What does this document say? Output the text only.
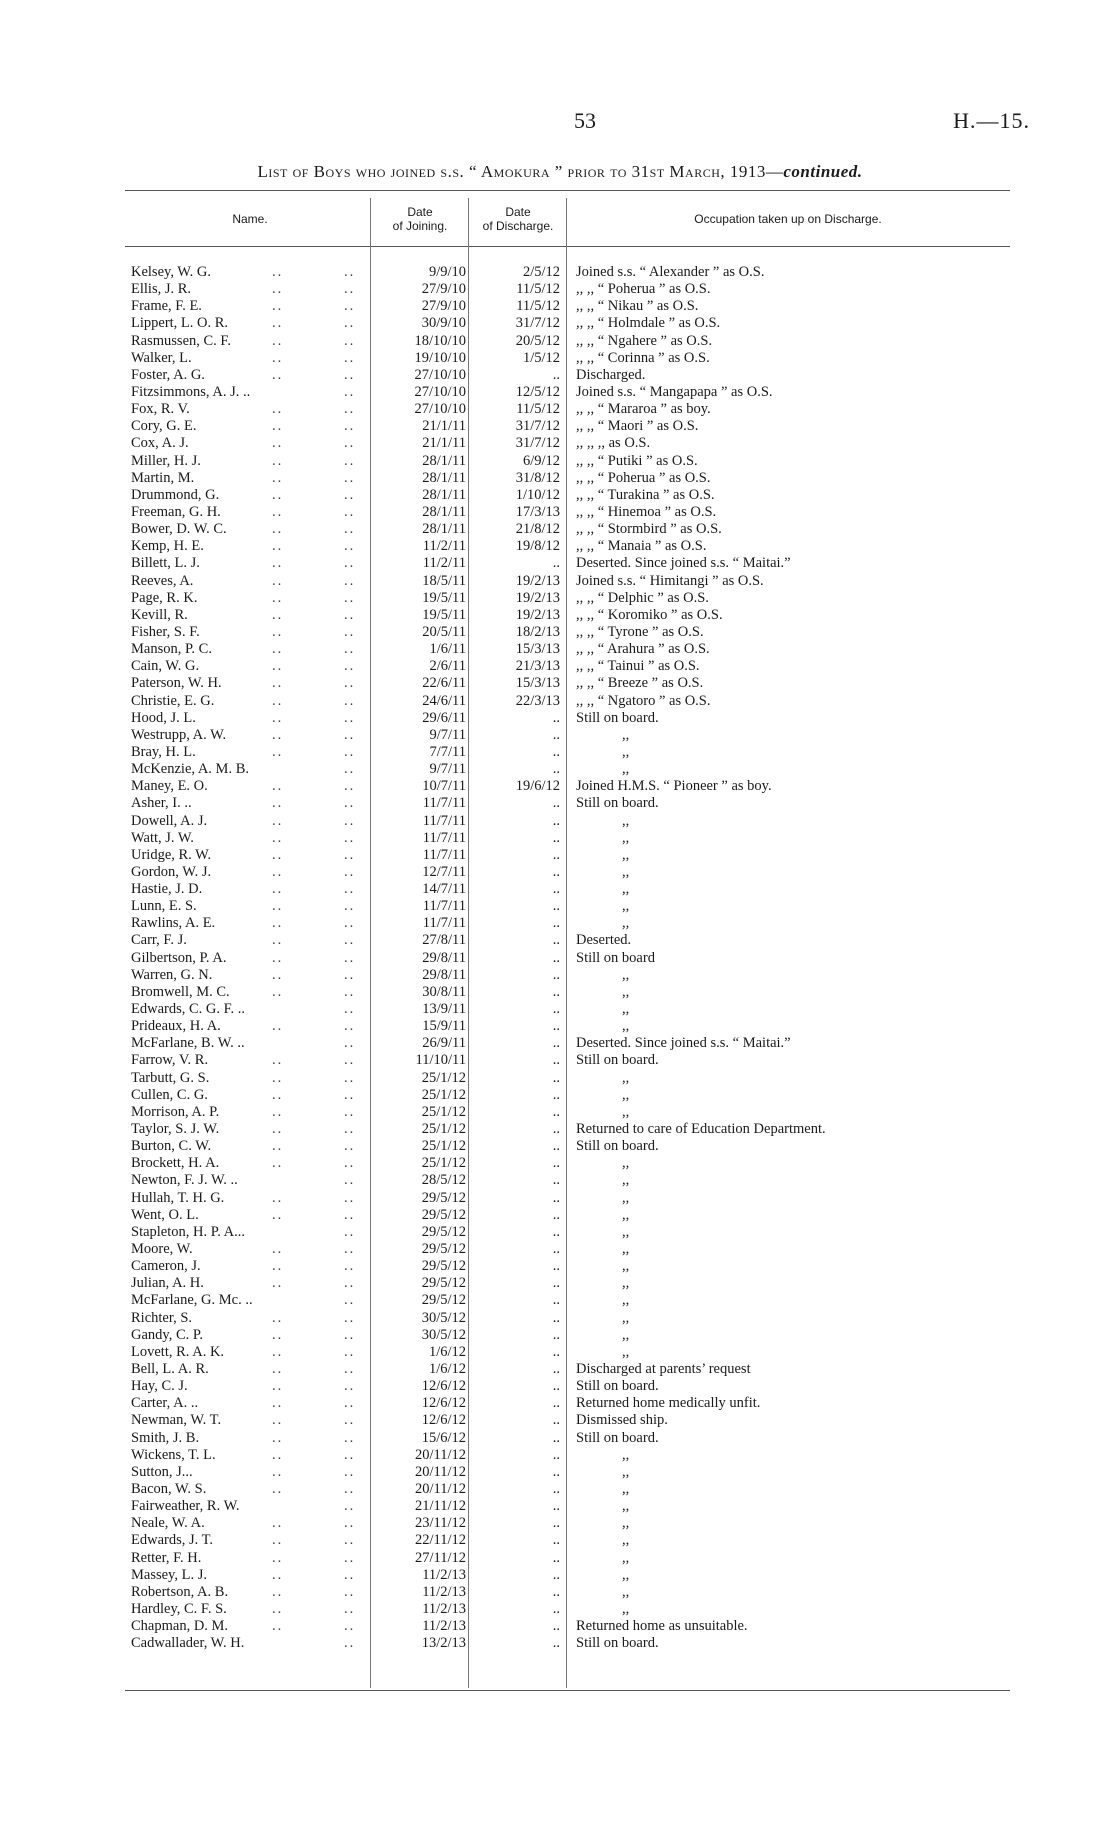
53	H.—15.
List of Boys who joined s.s. “ Amokura ” prior to 31st March, 1913—continued.
Name.	Date
of Joining.
Date
of Discharge.	Occupation taken up on Discharge.
Kelsey, W. G.	..	..	9/9/10	2/5/12 Joined s.s. “ Alexander ” as O.S.
Ellis, J. R.	..	..	27/9/10	11/5/12 ,, ,, “ Poherua ” as O.S.
Frame, F. E.	..	..	27/9/10	11/5/12 ,, ,, “ Nikau ” as O.S.
Lippert, L. O. R.	..	..	30/9/10	31/7/12 ,, ,, “ Holmdale ” as O.S.
Rasmussen, C. F.	..	..	18/10/10	20/5/12 ,, ,, “ Ngahere ” as O.S.
Walker, L.	..	..	19/10/10	1/5/12 ,, ,, “ Corinna ” as O.S.
Foster, A. G.	..	..	27/10/10	.. Discharged.
Fitzsimmons, A. J. ..	..	27/10/10	12/5/12 Joined s.s. “ Mangapapa ” as O.S.
Fox, R. V.	..	..	27/10/10	11/5/12 ,, ,, “ Mararoa ” as boy.
Cory, G. E.	..	..	21/1/11	31/7/12 ,, ,, “ Maori ” as O.S.
Cox, A. J.	..	..	21/1/11	31/7/12 ,, ,, ,, as O.S.
Miller, H. J.	..	..	28/1/11	6/9/12 ,, ,, “ Putiki ” as O.S.
Martin, M.	..	..	28/1/11	31/8/12 ,, ,, “ Poherua ” as O.S.
Drummond, G.	..	..	28/1/11	1/10/12 ,, ,, “ Turakina ” as O.S.
Freeman, G. H.	..	..	28/1/11	17/3/13 ,, ,, “ Hinemoa ” as O.S.
Bower, D. W. C.	..	..	28/1/11	21/8/12 ,, ,, “ Stormbird ” as O.S.
Kemp, H. E.	..	..	11/2/11	19/8/12 ,, ,, “ Manaia ” as O.S.
Billett, L. J.	..	..	11/2/11	.. Deserted. Since joined s.s. “ Maitai.”
Reeves, A.	..	..	18/5/11	19/2/13 Joined s.s. “ Himitangi ” as O.S.
Page, R. K.	..	..	19/5/11	19/2/13 ,, ,, “ Delphic ” as O.S.
Kevill, R.	..	..	19/5/11	19/2/13 ,, ,, “ Koromiko ” as O.S.
Fisher, S. F.	..	..	20/5/11	18/2/13 ,, ,, “ Tyrone ” as O.S.
Manson, P. C.	..	..	1/6/11	15/3/13 ,, ,, “ Arahura ” as O.S.
Cain, W. G.	..	..	2/6/11	21/3/13 ,, ,, “ Tainui ” as O.S.
Paterson, W. H.	..	..	22/6/11	15/3/13 ,, ,, “ Breeze ” as O.S.
Christie, E. G.	..	..	24/6/11	22/3/13 ,, ,, “ Ngatoro ” as O.S.
Hood, J. L.	..	..	29/6/11	.. Still on board.
Westrupp, A. W.	..	..	9/7/11	..	,,
Bray, H. L.	..	..	7/7/11	..	,,
McKenzie, A. M. B.	..	9/7/11	..	,,
Maney, E. O.	..	..	10/7/11	19/6/12 Joined H.M.S. “ Pioneer ” as boy.
Asher, I. ..	..	..	11/7/11	.. Still on board.
Dowell, A. J.	..	..	11/7/11	..	,,
Watt, J. W.	..	..	11/7/11	..	,,
Uridge, R. W.	..	..	11/7/11	..	,,
Gordon, W. J.	..	..	12/7/11	..	,,
Hastie, J. D.	..	..	14/7/11	..	,,
Lunn, E. S.	..	..	11/7/11	..	,,
Rawlins, A. E.	..	..	11/7/11	..	,,
Carr, F. J.	..	..	27/8/11	.. Deserted.
Gilbertson, P. A.	..	..	29/8/11	.. Still on board
Warren, G. N.	..	..	29/8/11	..	,,
Bromwell, M. C.	..	..	30/8/11	..	,,
Edwards, C. G. F. ..	..	13/9/11	..	,,
Prideaux, H. A.	..	..	15/9/11	..	,,
McFarlane, B. W. ..	..	26/9/11	.. Deserted. Since joined s.s. “ Maitai.”
Farrow, V. R.	..	..	11/10/11	.. Still on board.
Tarbutt, G. S.	..	..	25/1/12	..	,,
Cullen, C. G.	..	..	25/1/12	..	,,
Morrison, A. P.	..	..	25/1/12	..	,,
Taylor, S. J. W.	..	..	25/1/12	.. Returned to care of Education Department.
Burton, C. W.	..	..	25/1/12	.. Still on board.
Brockett, H. A.	..	..	25/1/12	..	,,
Newton, F. J. W. ..	..	28/5/12	..	,,
Hullah, T. H. G.	..	..	29/5/12	..	,,
Went, O. L.	..	..	29/5/12	..	,,
Stapleton, H. P. A...	..	29/5/12	..	,,
Moore, W.	..	..	29/5/12	..	,,
Cameron, J.	..	..	29/5/12	..	,,
Julian, A. H.	..	..	29/5/12	..	,,
McFarlane, G. Mc. ..	..	29/5/12	..	,,
Richter, S.	..	..	30/5/12	..	,,
Gandy, C. P.	..	..	30/5/12	..	,,
Lovett, R. A. K.	..	..	1/6/12	..	,,
Bell, L. A. R.	..	..	1/6/12	.. Discharged at parents’ request
Hay, C. J.	..	..	12/6/12	.. Still on board.
Carter, A. ..	..	..	12/6/12	.. Returned home medically unfit.
Newman, W. T.	..	..	12/6/12	.. Dismissed ship.
Smith, J. B.	..	..	15/6/12	.. Still on board.
Wickens, T. L.	..	..	20/11/12	..	,,
Sutton, J...	..	..	20/11/12	..	,,
Bacon, W. S.	..	..	20/11/12	..	,,
Fairweather, R. W.	..	21/11/12	..	,,
Neale, W. A.	..	..	23/11/12	..	,,
Edwards, J. T.	..	..	22/11/12	..	,,
Retter, F. H.	..	..	27/11/12	..	,,
Massey, L. J.	..	..	11/2/13	..	,,
Robertson, A. B.	..	..	11/2/13	..	,,
Hardley, C. F. S.	..	..	11/2/13	..	,,
Chapman, D. M.	..	..	11/2/13	.. Returned home as unsuitable.
Cadwallader, W. H.	..	13/2/13	.. Still on board.
